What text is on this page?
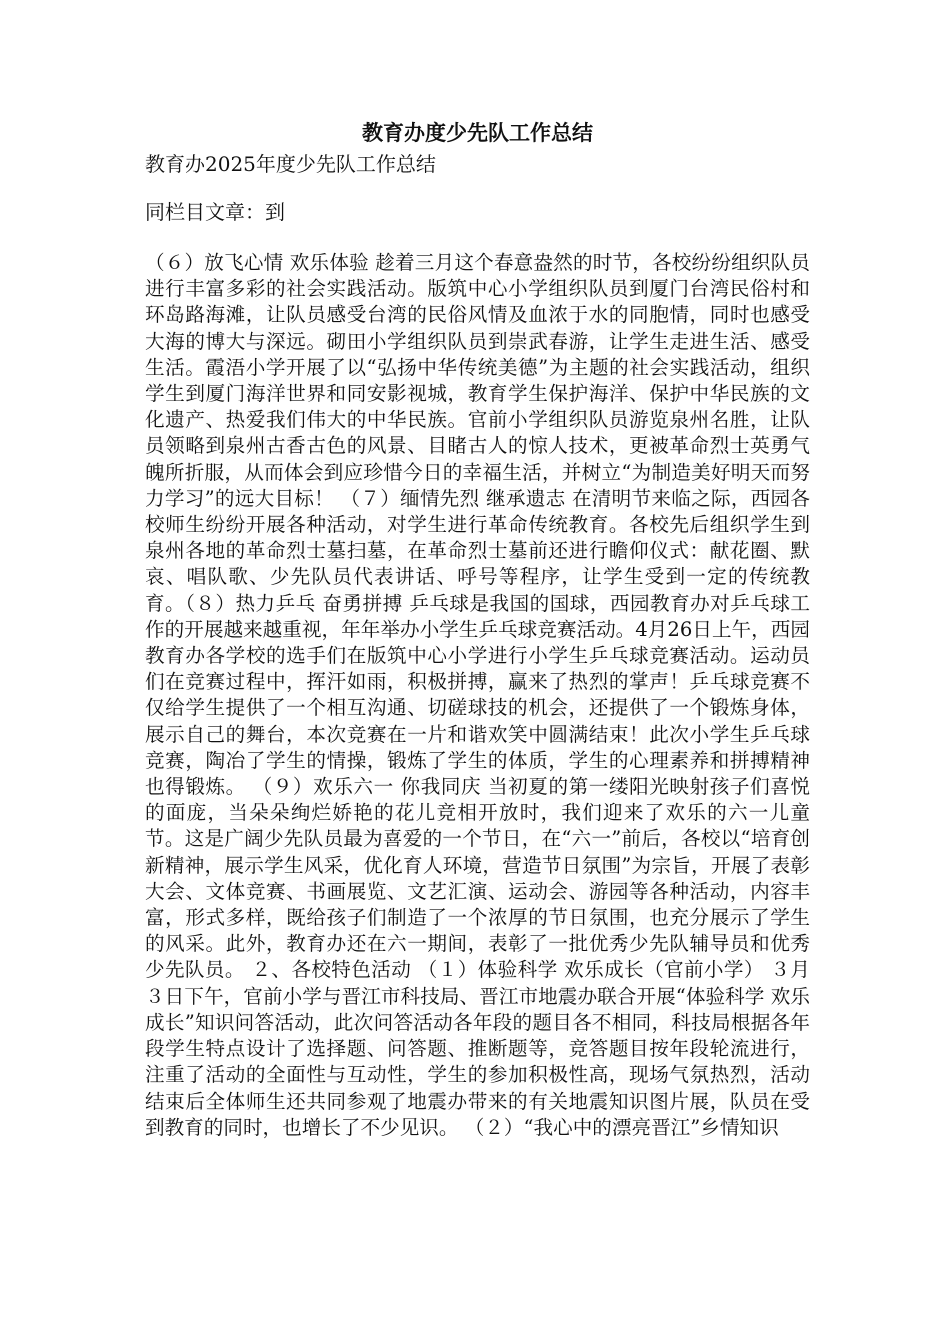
教育办度少先队工作总结

教育办2025年度少先队工作总结

同栏目文章：到

（６）放飞心情 欢乐体验 趁着三月这个春意盎然的时节，各校纷纷组织队员进行丰富多彩的社会实践活动。版筑中心小学组织队员到厦门台湾民俗村和环岛路海滩，让队员感受台湾的民俗风情及血浓于水的同胞情，同时也感受大海的博大与深远。砌田小学组织队员到崇武春游，让学生走进生活、感受生活。霞浯小学开展了以“弘扬中华传统美德”为主题的社会实践活动，组织学生到厦门海洋世界和同安影视城，教育学生保护海洋、保护中华民族的文化遗产、热爱我们伟大的中华民族。官前小学组织队员游览泉州名胜，让队员领略到泉州古香古色的风景、目睹古人的惊人技术，更被革命烈士英勇气魄所折服，从而体会到应珍惜今日的幸福生活，并树立“为制造美好明天而努力学习”的远大目标！ （７）缅情先烈 继承遗志 在清明节来临之际，西园各校师生纷纷开展各种活动，对学生进行革命传统教育。各校先后组织学生到泉州各地的革命烈士墓扫墓，在革命烈士墓前还进行瞻仰仪式：献花圈、默哀、唱队歌、少先队员代表讲话、呼号等程序，让学生受到一定的传统教育。（８）热力乒乓 奋勇拼搏 乒乓球是我国的国球，西园教育办对乒乓球工作的开展越来越重视，年年举办小学生乒乓球竞赛活动。4月26日上午，西园教育办各学校的选手们在版筑中心小学进行小学生乒乓球竞赛活动。运动员们在竞赛过程中，挥汗如雨，积极拼搏，赢来了热烈的掌声！乒乓球竞赛不仅给学生提供了一个相互沟通、切磋球技的机会，还提供了一个锻炼身体，展示自己的舞台，本次竞赛在一片和谐欢笑中圆满结束！此次小学生乒乓球竞赛，陶冶了学生的情操，锻炼了学生的体质，学生的心理素养和拼搏精神也得锻炼。 （９）欢乐六一 你我同庆 当初夏的第一缕阳光映射孩子们喜悦的面庞，当朵朵绚烂娇艳的花儿竞相开放时，我们迎来了欢乐的六一儿童节。这是广阔少先队员最为喜爱的一个节日，在“六一”前后，各校以“培育创新精神，展示学生风采，优化育人环境，营造节日氛围”为宗旨，开展了表彰大会、文体竞赛、书画展览、文艺汇演、运动会、游园等各种活动，内容丰富，形式多样，既给孩子们制造了一个浓厚的节日氛围，也充分展示了学生的风采。此外，教育办还在六一期间，表彰了一批优秀少先队辅导员和优秀少先队员。 ２、各校特色活动 （１）体验科学 欢乐成长（官前小学） ３月３日下午，官前小学与晋江市科技局、晋江市地震办联合开展“体验科学 欢乐成长”知识问答活动，此次问答活动各年段的题目各不相同，科技局根据各年段学生特点设计了选择题、问答题、推断题等，竞答题目按年段轮流进行，注重了活动的全面性与互动性，学生的参加积极性高，现场气氛热烈，活动结束后全体师生还共同参观了地震办带来的有关地震知识图片展，队员在受到教育的同时，也增长了不少见识。 （２）“我心中的漂亮晋江”乡情知识
